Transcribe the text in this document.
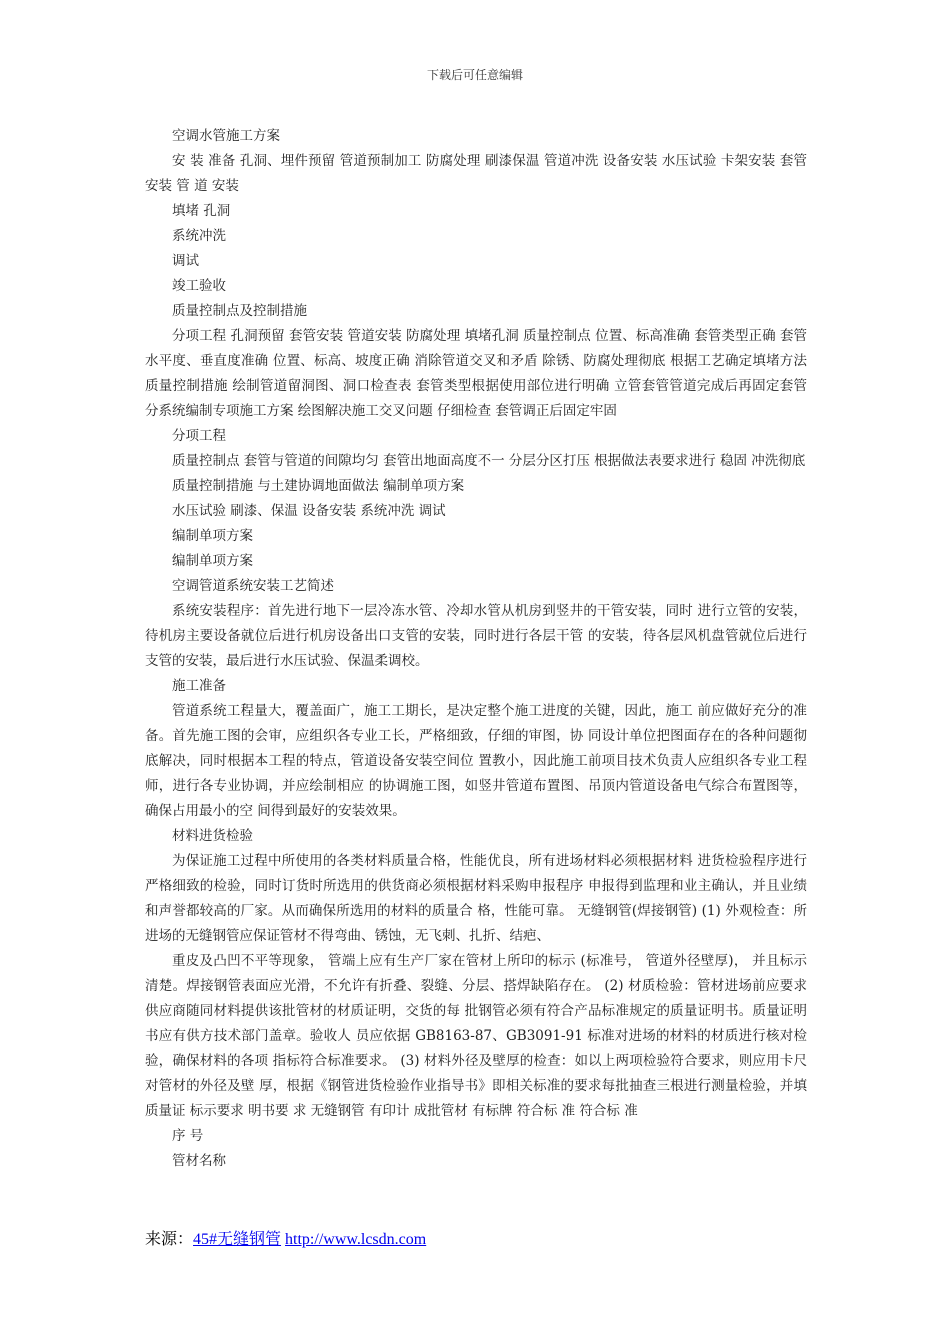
下载后可任意编辑

空调水管施工方案

安 装 准备 孔洞、埋件预留 管道预制加工 防腐处理 刷漆保温 管道冲洗 设备安装 水压试验 卡架安装 套管安装 管 道 安装

填堵 孔洞

系统冲洗

调试

竣工验收

质量控制点及控制措施

分项工程 孔洞预留 套管安装 管道安装 防腐处理 填堵孔洞 质量控制点 位置、标高准确 套管类型正确 套管水平度、垂直度准确 位置、标高、坡度正确 消除管道交叉和矛盾 除锈、防腐处理彻底 根据工艺确定填堵方法 质量控制措施 绘制管道留洞图、洞口检查表 套管类型根据使用部位进行明确 立管套管管道完成后再固定套管 分系统编制专项施工方案 绘图解决施工交叉问题 仔细检查 套管调正后固定牢固

分项工程

质量控制点 套管与管道的间隙均匀 套管出地面高度不一 分层分区打压 根据做法表要求进行 稳固 冲洗彻底

质量控制措施 与土建协调地面做法 编制单项方案

水压试验 刷漆、保温 设备安装 系统冲洗 调试

编制单项方案

编制单项方案

空调管道系统安装工艺简述

系统安装程序：首先进行地下一层冷冻水管、冷却水管从机房到竖井的干管安装，同时 进行立管的安装，待机房主要设备就位后进行机房设备出口支管的安装，同时进行各层干管 的安装，待各层风机盘管就位后进行支管的安装，最后进行水压试验、保温柔调校。

施工准备

管道系统工程量大，覆盖面广，施工工期长，是决定整个施工进度的关键，因此，施工 前应做好充分的准备。首先施工图的会审，应组织各专业工长，严格细致，仔细的审图，协 同设计单位把图面存在的各种问题彻底解决，同时根据本工程的特点，管道设备安装空间位 置教小，因此施工前项目技术负责人应组织各专业工程师，进行各专业协调，并应绘制相应 的协调施工图，如竖井管道布置图、吊顶内管道设备电气综合布置图等，确保占用最小的空 间得到最好的安装效果。

材料进货检验

为保证施工过程中所使用的各类材料质量合格，性能优良，所有进场材料必须根据材料 进货检验程序进行严格细致的检验，同时订货时所选用的供货商必须根据材料采购申报程序 申报得到监理和业主确认，并且业绩和声誉都较高的厂家。从而确保所选用的材料的质量合 格，性能可靠。 无缝钢管(焊接钢管) (1) 外观检查：所进场的无缝钢管应保证管材不得弯曲、锈蚀，无飞刺、扎折、结疤、

重皮及凸凹不平等现象， 管端上应有生产厂家在管材上所印的标示 (标准号， 管道外径壁厚)， 并且标示清楚。焊接钢管表面应光滑，不允许有折叠、裂缝、分层、搭焊缺陷存在。 (2) 材质检验：管材进场前应要求供应商随同材料提供该批管材的材质证明，交货的每 批钢管必须有符合产品标准规定的质量证明书。质量证明书应有供方技术部门盖章。验收人 员应依据 GB8163-87、GB3091-91 标准对进场的材料的材质进行核对检验，确保材料的各项 指标符合标准要求。 (3) 材料外径及壁厚的检查：如以上两项检验符合要求，则应用卡尺对管材的外径及壁 厚，根据《钢管进货检验作业指导书》即相关标准的要求每批抽查三根进行测量检验，并填 质量证 标示要求 明书要 求 无缝钢管 有印计 成批管材 有标牌 符合标 准 符合标 准

序 号

管材名称

来源：45#无缝钢管 http://www.lcsdn.com
